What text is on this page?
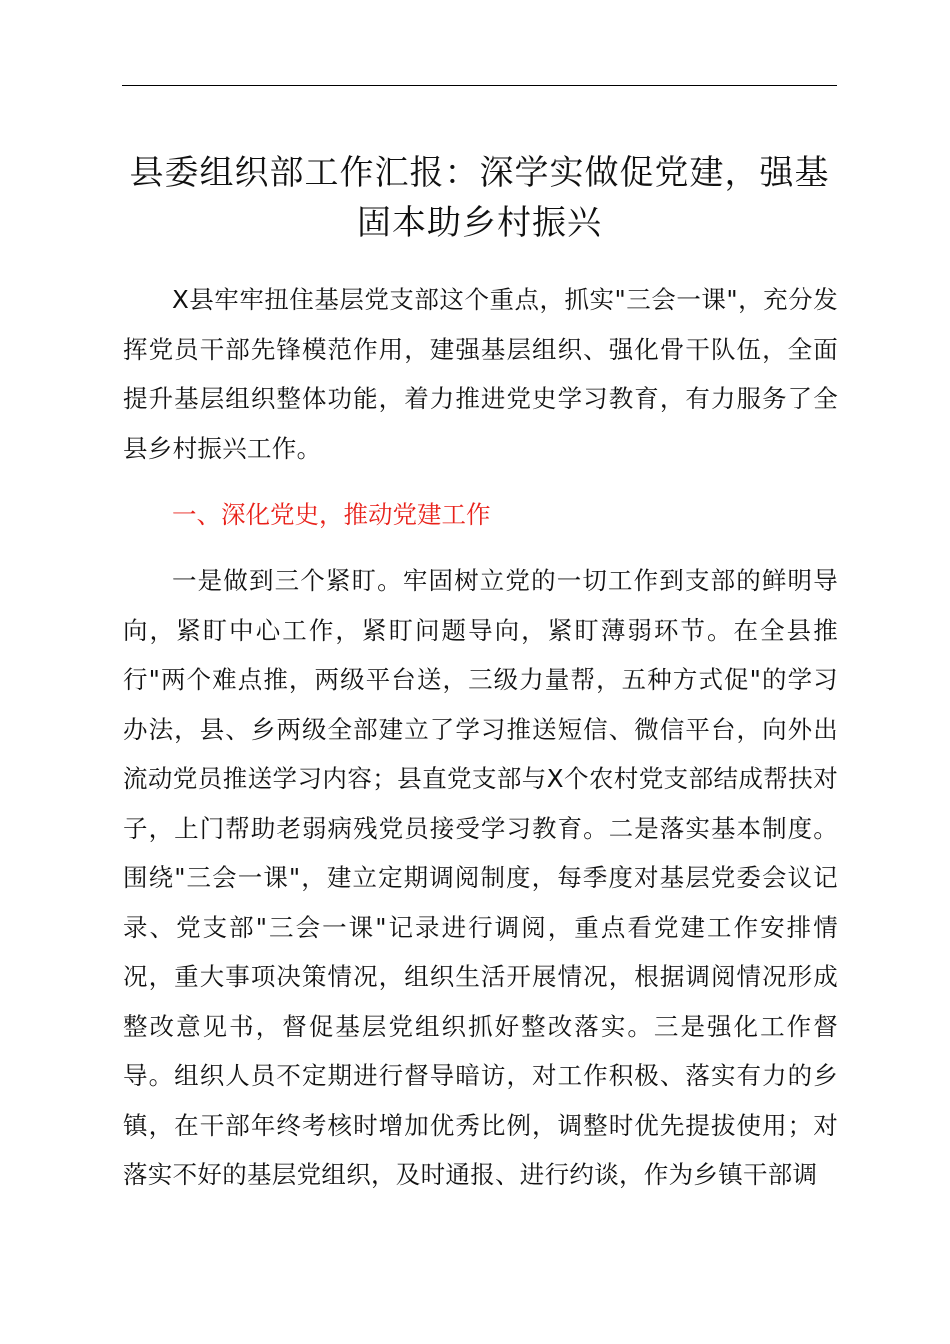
县委组织部工作汇报：深学实做促党建，强基
固本助乡村振兴

X县牢牢扭住基层党支部这个重点，抓实"三会一课"，充分发挥党员干部先锋模范作用，建强基层组织、强化骨干队伍，全面提升基层组织整体功能，着力推进党史学习教育，有力服务了全县乡村振兴工作。

一、深化党史，推动党建工作

一是做到三个紧盯。牢固树立党的一切工作到支部的鲜明导向，紧盯中心工作，紧盯问题导向，紧盯薄弱环节。在全县推行"两个难点推，两级平台送，三级力量帮，五种方式促"的学习办法，县、乡两级全部建立了学习推送短信、微信平台，向外出流动党员推送学习内容；县直党支部与X个农村党支部结成帮扶对子，上门帮助老弱病残党员接受学习教育。二是落实基本制度。围绕"三会一课"，建立定期调阅制度，每季度对基层党委会议记录、党支部"三会一课"记录进行调阅，重点看党建工作安排情况，重大事项决策情况，组织生活开展情况，根据调阅情况形成整改意见书，督促基层党组织抓好整改落实。三是强化工作督导。组织人员不定期进行督导暗访，对工作积极、落实有力的乡镇，在干部年终考核时增加优秀比例，调整时优先提拔使用；对落实不好的基层党组织，及时通报、进行约谈，作为乡镇干部调
